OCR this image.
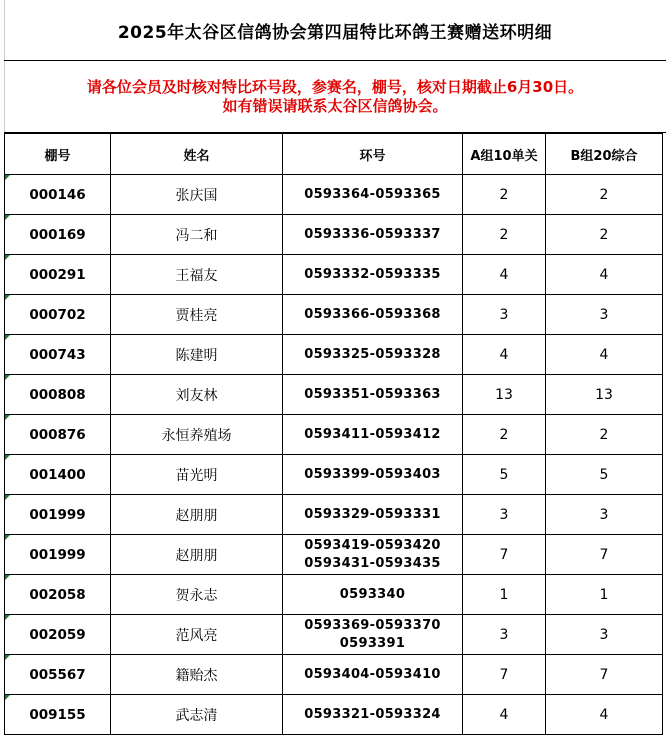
2025年太谷区信鸽协会第四届特比环鸽王赛赠送环明细
请各位会员及时核对特比环号段，参赛名，棚号，核对日期截止6月30日。
如有错误请联系太谷区信鸽协会。
棚号	姓名	环号	A组10单关	B组20综合
000146	张庆国	0593364-0593365	2	2
000169	冯二和	0593336-0593337	2	2
000291	王福友	0593332-0593335	4	4
000702	贾桂亮	0593366-0593368	3	3
000743	陈建明	0593325-0593328	4	4
000808	刘友林	0593351-0593363	13	13
000876	永恒养殖场	0593411-0593412	2	2
001400	苗光明	0593399-0593403	5	5
001999	赵朋朋	0593329-0593331	3	3
001999	赵朋朋	0593419-0593420
0593431-0593435	7	7
002058	贺永志	0593340	1	1
002059	范风亮	0593369-0593370
0593391	3	3
005567	籍贻杰	0593404-0593410	7	7
009155	武志清	0593321-0593324	4	4
